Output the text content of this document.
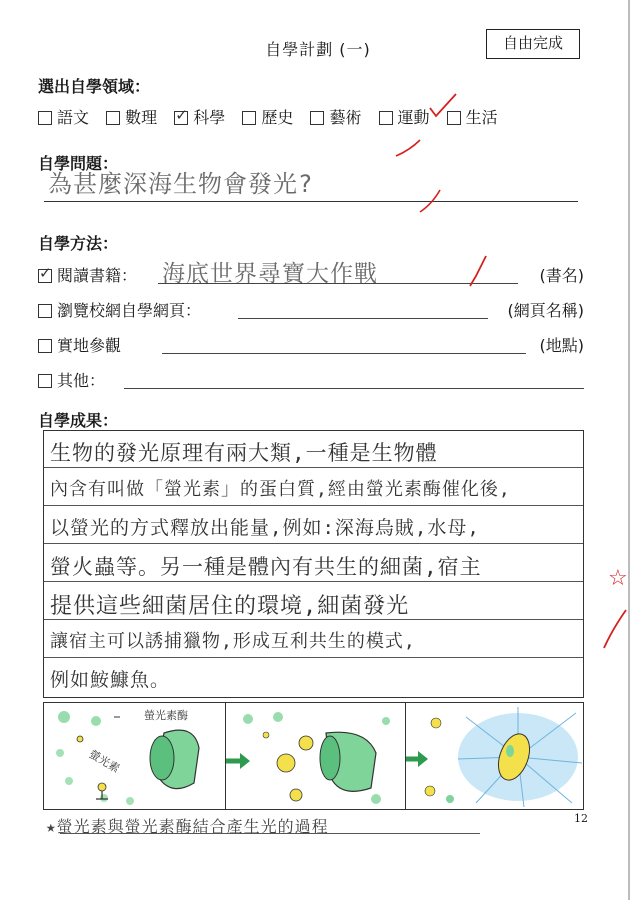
自學計劃 (一)	自由完成
選出自學領域：
語文 數理 ✓ 科學 歷史 藝術 運動 生活
自學問題：
為甚麼深海生物會發光?
自學方法：
✓閱讀書籍： 海底世界尋寶大作戰	(書名)
瀏覽校網自學網頁：	(網頁名稱)
實地參觀	(地點)
其他：
自學成果：
生物的發光原理有兩大類,一種是生物體
內含有叫做「螢光素」的蛋白質,經由螢光素酶催化後,
以螢光的方式釋放出能量,例如:深海烏賊,水母,
螢火蟲等。另一種是體內有共生的細菌,宿主
提供這些細菌居住的環境,細菌發光
讓宿主可以誘捕獵物,形成互利共生的模式,
例如鮟鱇魚。
螢光素酶
螢光素
★螢光素與螢光素酶結合產生光的過程	12
☆
